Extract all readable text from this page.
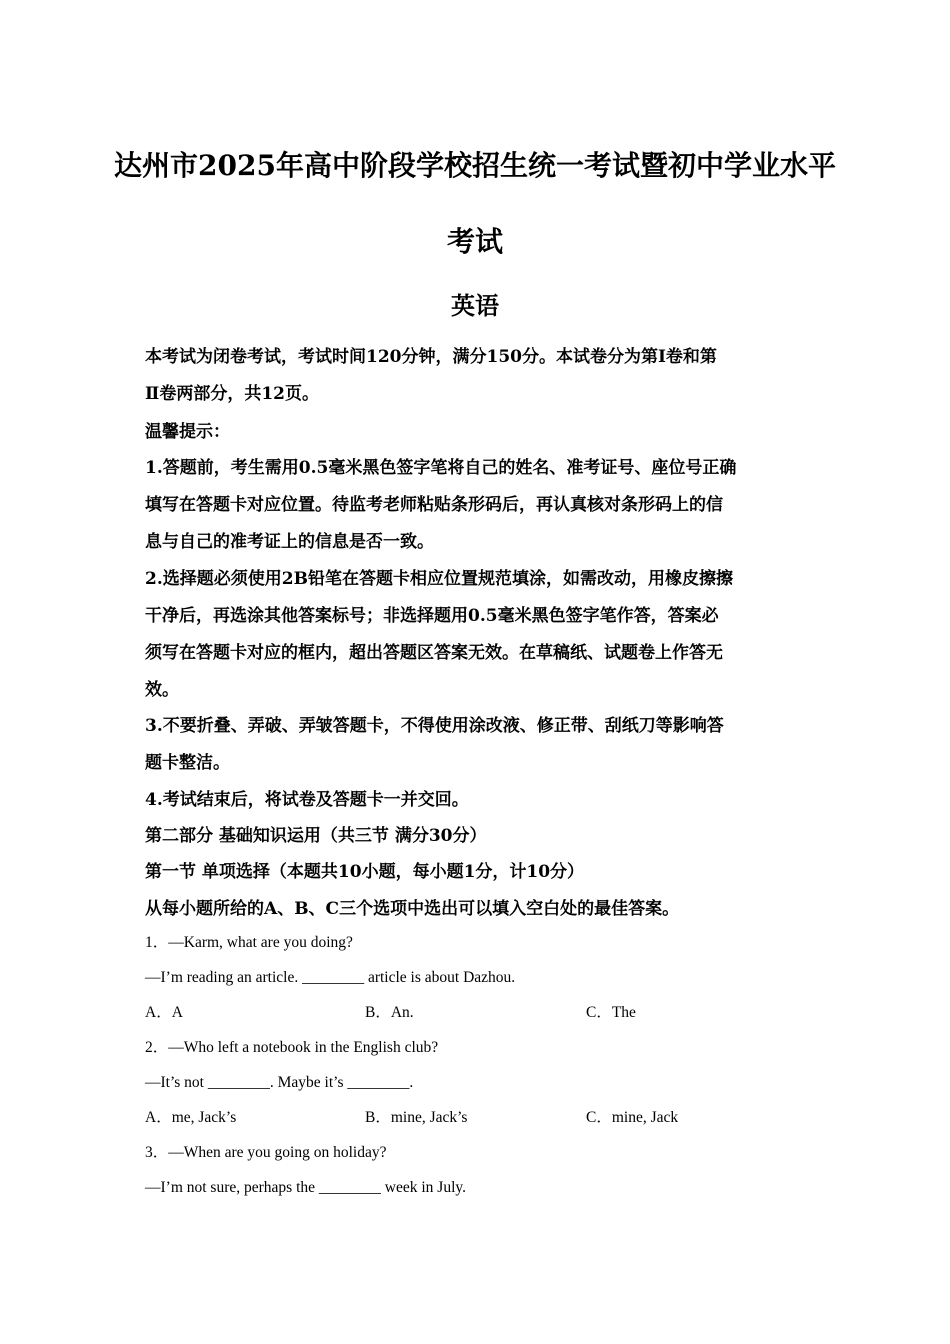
达州市2025年高中阶段学校招生统一考试暨初中学业水平
考试
英语
本考试为闭卷考试，考试时间120分钟，满分150分。本试卷分为第Ⅰ卷和第
Ⅱ卷两部分，共12页。
温馨提示：
1.答题前，考生需用0.5毫米黑色签字笔将自己的姓名、准考证号、座位号正确
填写在答题卡对应位置。待监考老师粘贴条形码后，再认真核对条形码上的信
息与自己的准考证上的信息是否一致。
2.选择题必须使用2B铅笔在答题卡相应位置规范填涂，如需改动，用橡皮擦擦
干净后，再选涂其他答案标号；非选择题用0.5毫米黑色签字笔作答，答案必
须写在答题卡对应的框内，超出答题区答案无效。在草稿纸、试题卷上作答无
效。
3.不要折叠、弄破、弄皱答题卡，不得使用涂改液、修正带、刮纸刀等影响答
题卡整洁。
4.考试结束后，将试卷及答题卡一并交回。
第二部分 基础知识运用（共三节 满分30分）
第一节 单项选择（本题共10小题，每小题1分，计10分）
从每小题所给的A、B、C三个选项中选出可以填入空白处的最佳答案。
1．—Karm, what are you doing?
—I’m reading an article. ________ article is about Dazhou.
A．A	B．An.	C．The
2．—Who left a notebook in the English club?
—It’s not ________. Maybe it’s ________.
A．me, Jack’s	B．mine, Jack’s	C．mine, Jack
3．—When are you going on holiday?
—I’m not sure, perhaps the ________ week in July.
